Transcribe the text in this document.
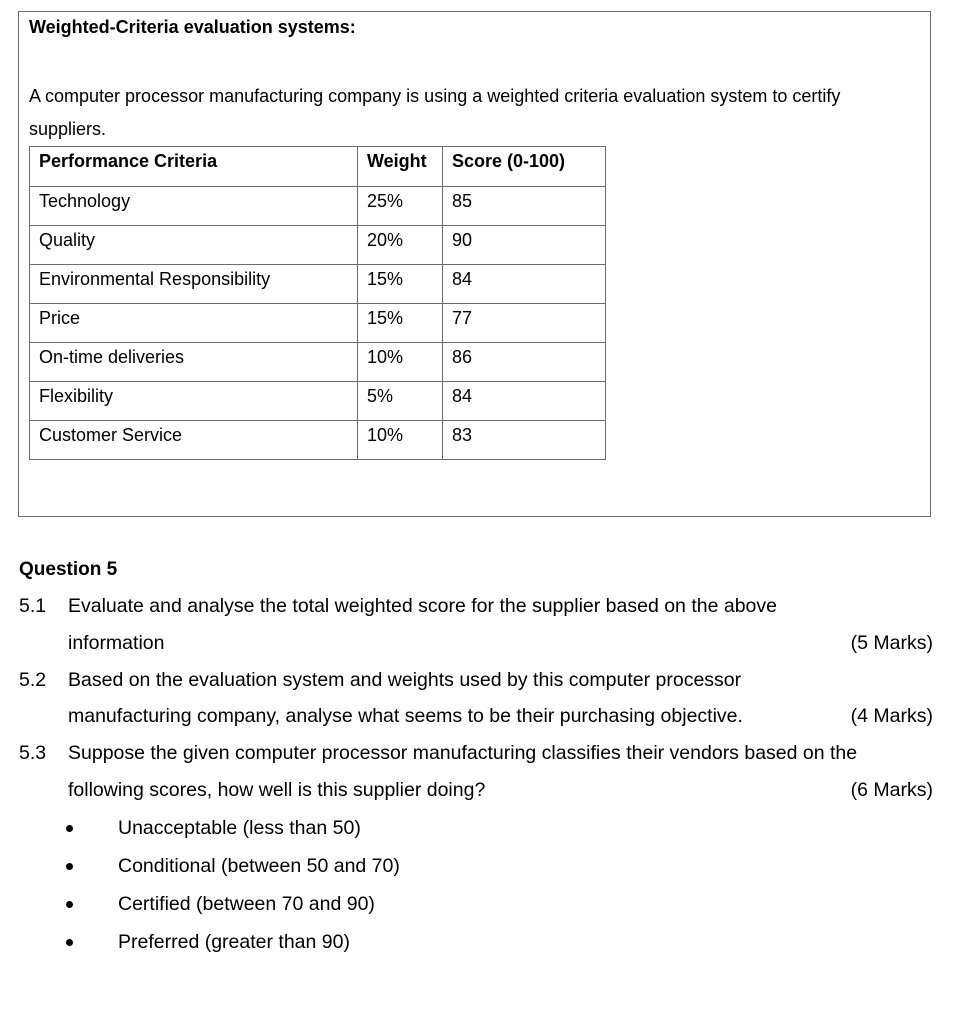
Weighted-Criteria evaluation systems:
A computer processor manufacturing company is using a weighted criteria evaluation system to certify
suppliers.
Performance Criteria	Weight	Score (0-100)
Technology	25%	85
Quality	20%	90
Environmental Responsibility	15%	84
Price	15%	77
On-time deliveries	10%	86
Flexibility	5%	84
Customer Service	10%	83
Question 5
5.1 Evaluate and analyse the total weighted score for the supplier based on the above
information	(5 Marks)
5.2 Based on the evaluation system and weights used by this computer processor
manufacturing company, analyse what seems to be their purchasing objective.	(4 Marks)
5.3 Suppose the given computer processor manufacturing classifies their vendors based on the
following scores, how well is this supplier doing?	(6 Marks)
Unacceptable (less than 50)
Conditional (between 50 and 70)
Certified (between 70 and 90)
Preferred (greater than 90)
